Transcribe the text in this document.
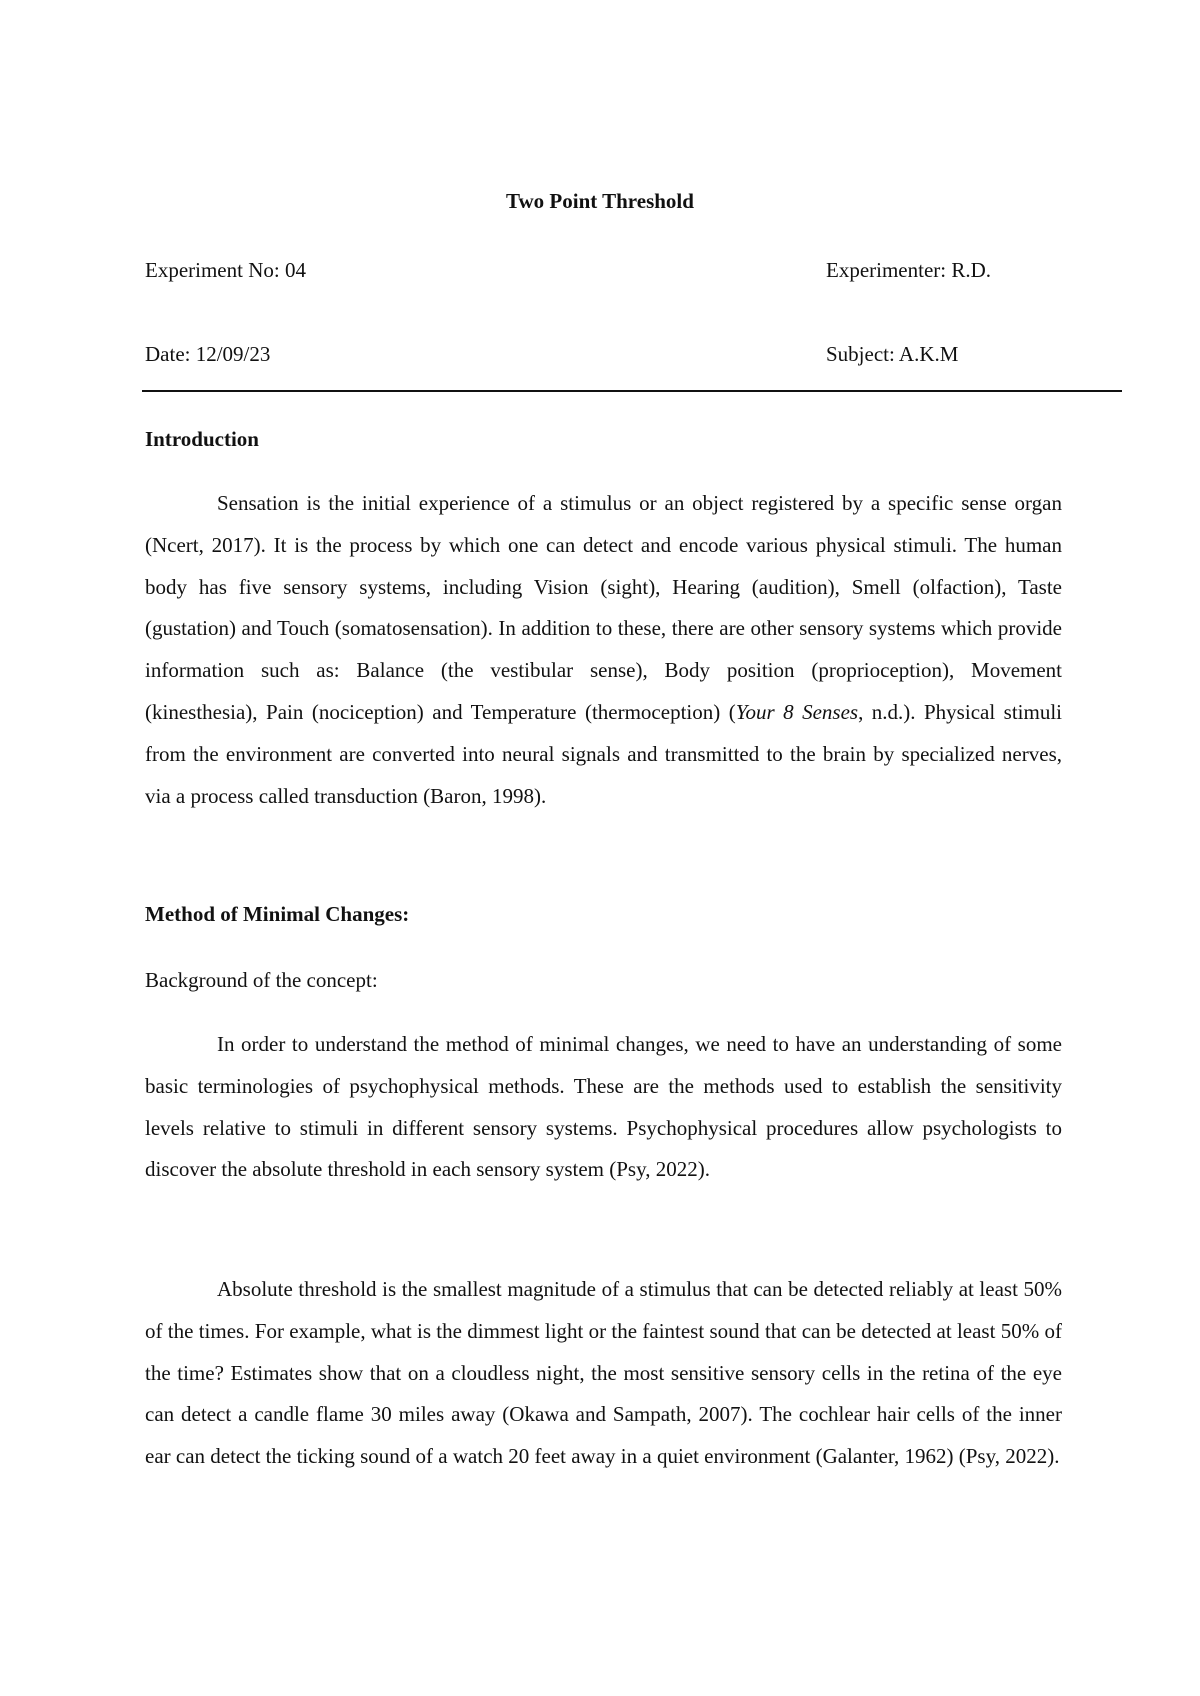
Two Point Threshold
Experiment No: 04	Experimenter: R.D.
Date: 12/09/23	Subject: A.K.M
Introduction

Sensation is the initial experience of a stimulus or an object registered by a specific sense organ (Ncert, 2017). It is the process by which one can detect and encode various physical stimuli. The human body has five sensory systems, including Vision (sight), Hearing (audition), Smell (olfaction), Taste (gustation) and Touch (somatosensation). In addition to these, there are other sensory systems which provide information such as: Balance (the vestibular sense), Body position (proprioception), Movement (kinesthesia), Pain (nociception) and Temperature (thermoception) (Your 8 Senses, n.d.). Physical stimuli from the environment are converted into neural signals and transmitted to the brain by specialized nerves, via a process called transduction (Baron, 1998).

Method of Minimal Changes:
Background of the concept:

In order to understand the method of minimal changes, we need to have an understanding of some basic terminologies of psychophysical methods. These are the methods used to establish the sensitivity levels relative to stimuli in different sensory systems. Psychophysical procedures allow psychologists to discover the absolute threshold in each sensory system (Psy, 2022).

Absolute threshold is the smallest magnitude of a stimulus that can be detected reliably at least 50% of the times. For example, what is the dimmest light or the faintest sound that can be detected at least 50% of the time? Estimates show that on a cloudless night, the most sensitive sensory cells in the retina of the eye can detect a candle flame 30 miles away (Okawa and Sampath, 2007). The cochlear hair cells of the inner ear can detect the ticking sound of a watch 20 feet away in a quiet environment (Galanter, 1962) (Psy, 2022).
